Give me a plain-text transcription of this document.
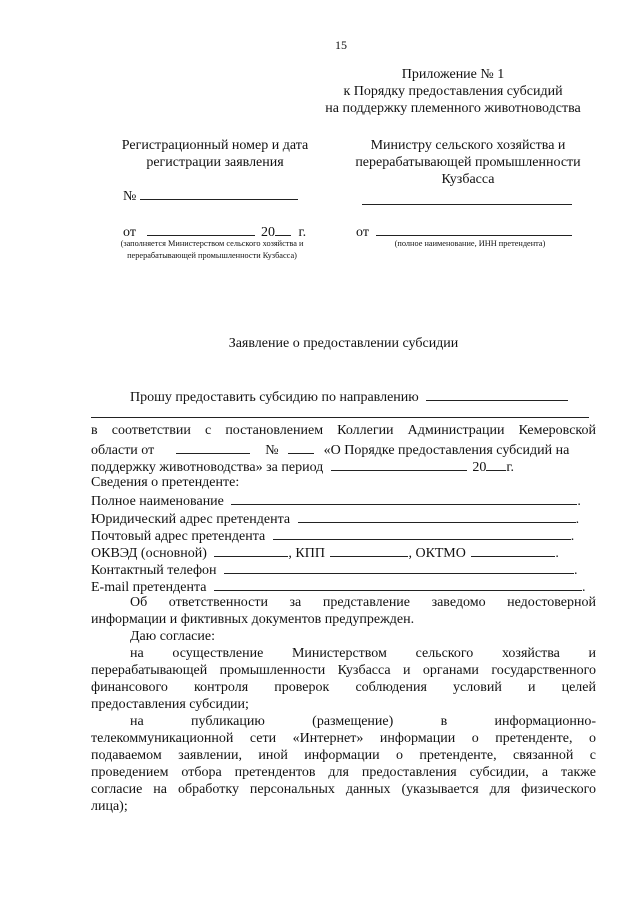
15
Приложение № 1
к Порядку предоставления субсидий
на поддержку племенного животноводства
Регистрационный номер и дата
регистрации заявления
№
от	20 г.
(заполняется Министерством сельского хозяйства и
перерабатывающей промышленности Кузбасса)
Министру сельского хозяйства и
перерабатывающей промышленности
Кузбасса
от
(полное наименование, ИНН претендента)
Заявление о предоставлении субсидии
Прошу предоставить субсидию по направлению
в соответствии с постановлением Коллегии Администрации Кемеровской
области от	№	«О Порядке предоставления субсидий на
поддержку животноводства» за период	20 г.
Сведения о претенденте:
Полное наименование	.
Юридический адрес претендента	.
Почтовый адрес претендента	.
ОКВЭД (основной)	, КПП	, ОКТМО	.
Контактный телефон	.
E-mail претендента	.
Об ответственности за представление заведомо недостоверной
информации и фиктивных документов предупрежден.
Даю согласие:
на осуществление Министерством сельского хозяйства и
перерабатывающей промышленности Кузбасса и органами государственного
финансового контроля проверок соблюдения условий и целей
предоставления субсидии;
на	публикацию	(размещение)	в	информационно-
телекоммуникационной сети «Интернет» информации о претенденте, о
подаваемом заявлении, иной информации о претенденте, связанной с
проведением отбора претендентов для предоставления субсидии, а также
согласие на обработку персональных данных (указывается для физического
лица);
